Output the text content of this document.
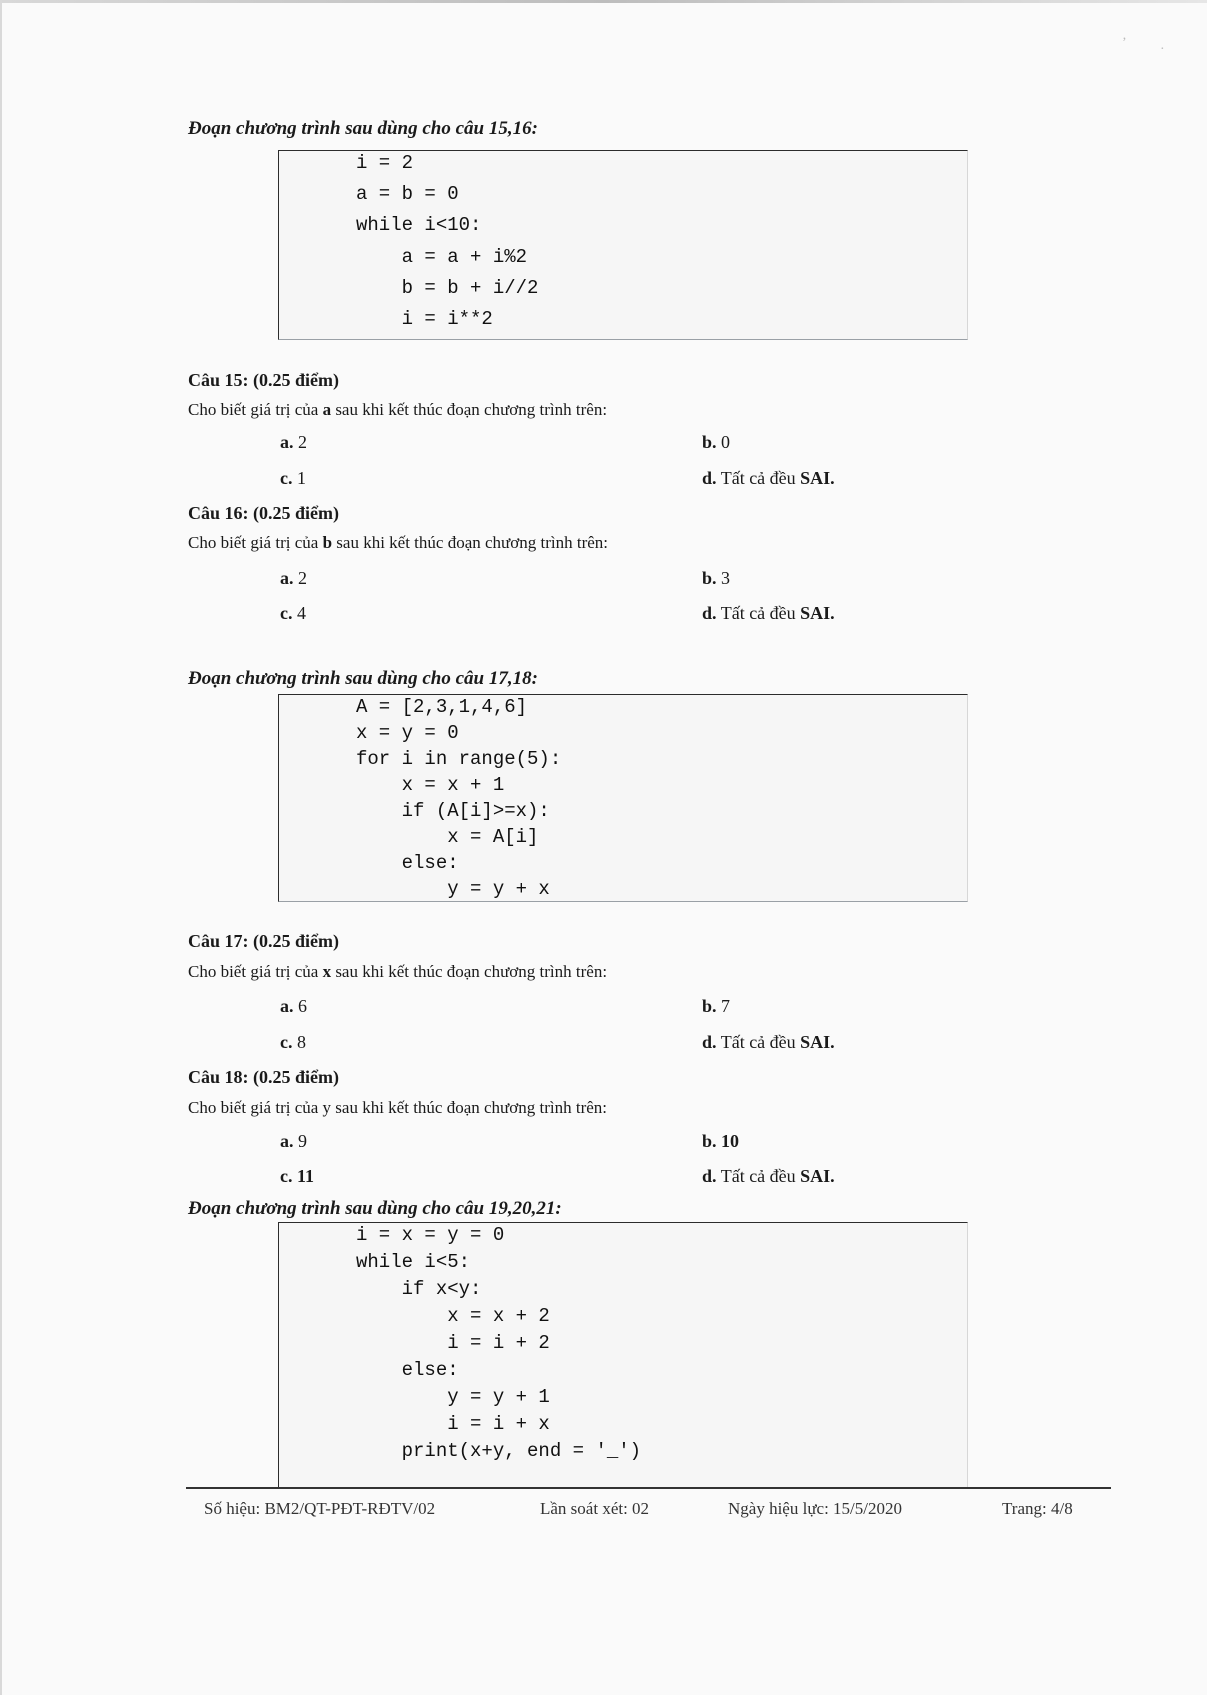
‚
·

Đoạn chương trình sau dùng cho câu 15,16:

i = 2
a = b = 0
while i<10:
a = a + i%2
b = b + i//2
i = i**2

Câu 15: (0.25 điểm)

Cho biết giá trị của a sau khi kết thúc đoạn chương trình trên:

a. 2	b. 0

c. 1	d. Tất cả đều SAI.

Câu 16: (0.25 điểm)

Cho biết giá trị của b sau khi kết thúc đoạn chương trình trên:

a. 2	b. 3

c. 4	d. Tất cả đều SAI.

Đoạn chương trình sau dùng cho câu 17,18:

A = [2,3,1,4,6]
x = y = 0
for i in range(5):
x = x + 1
if (A[i]>=x):
x = A[i]
else:
y = y + x

Câu 17: (0.25 điểm)

Cho biết giá trị của x sau khi kết thúc đoạn chương trình trên:

a. 6	b. 7

c. 8	d. Tất cả đều SAI.

Câu 18: (0.25 điểm)

Cho biết giá trị của y sau khi kết thúc đoạn chương trình trên:

a. 9	b. 10

c. 11	d. Tất cả đều SAI.

Đoạn chương trình sau dùng cho câu 19,20,21:

i = x = y = 0
while i<5:
if x<y:
x = x + 2
i = i + 2
else:
y = y + 1
i = i + x
print(x+y, end = '_')

Số hiệu: BM2/QT-PĐT-RĐTV/02	Lần soát xét: 02	Ngày hiệu lực: 15/5/2020	Trang: 4/8
